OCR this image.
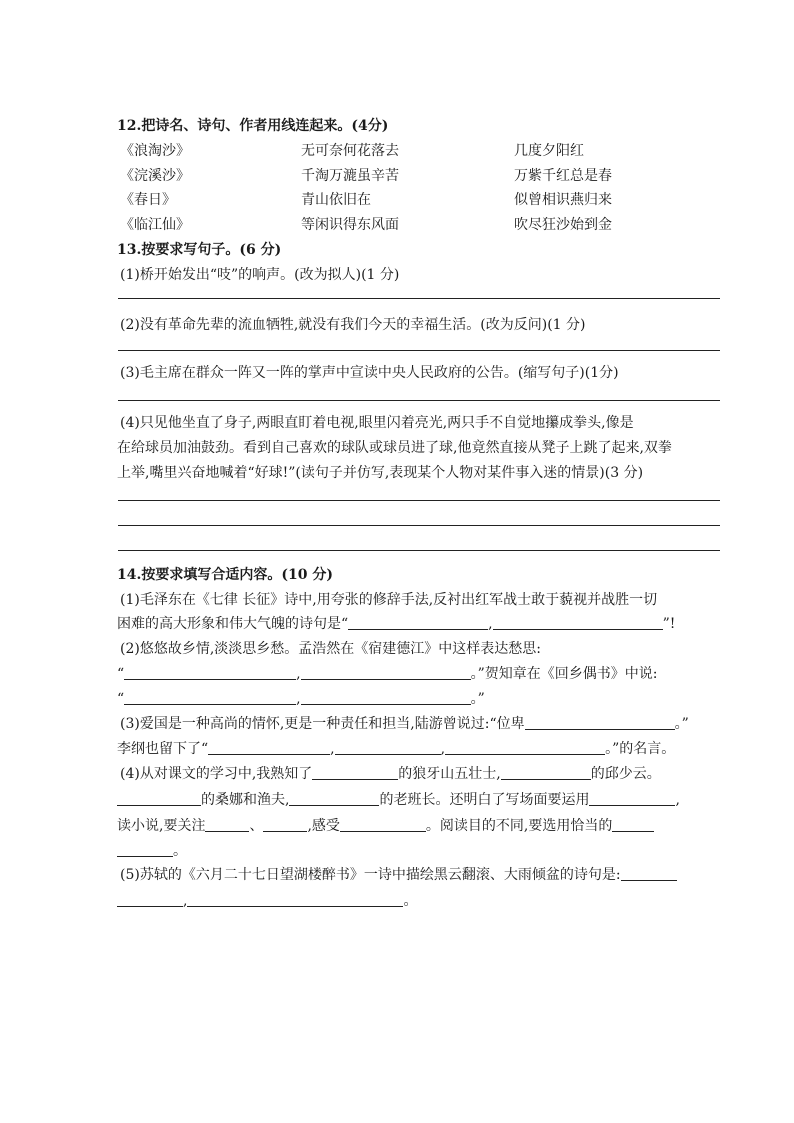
12.把诗名、诗句、作者用线连起来。(4分)
《浪淘沙》	无可奈何花落去	几度夕阳红
《浣溪沙》	千淘万漉虽辛苦	万紫千红总是春
《春日》	青山依旧在	似曾相识燕归来
《临江仙》	等闲识得东风面	吹尽狂沙始到金
13.按要求写句子。(6 分)
(1)桥开始发出“吱”的响声。(改为拟人)(1 分)
(2)没有革命先辈的流血牺牲,就没有我们今天的幸福生活。(改为反问)(1 分)
(3)毛主席在群众一阵又一阵的掌声中宣读中央人民政府的公告。(缩写句子)(1分)
(4)只见他坐直了身子,两眼直盯着电视,眼里闪着亮光,两只手不自觉地攥成拳头,像是
在给球员加油鼓劲。看到自己喜欢的球队或球员进了球,他竟然直接从凳子上跳了起来,双拳
上举,嘴里兴奋地喊着“好球!”(读句子并仿写,表现某个人物对某件事入迷的情景)(3 分)
14.按要求填写合适内容。(10 分)
(1)毛泽东在《七律 长征》诗中,用夸张的修辞手法,反衬出红军战士敢于藐视并战胜一切
困难的高大形象和伟大气魄的诗句是“	,	”!
(2)悠悠故乡情,淡淡思乡愁。孟浩然在《宿建德江》中这样表达愁思:
“	,	。”贺知章在《回乡偶书》中说:
“	,	。”
(3)爱国是一种高尚的情怀,更是一种责任和担当,陆游曾说过:“位卑	。”
李纲也留下了“	,	,	。”的名言。
(4)从对课文的学习中,我熟知了	的狼牙山五壮士,	的邱少云。
的桑娜和渔夫,	的老班长。还明白了写场面要运用	,
读小说,要关注	、	,感受	。阅读目的不同,要选用恰当的
。
(5)苏轼的《六月二十七日望湖楼醉书》一诗中描绘黑云翻滚、大雨倾盆的诗句是:
,	。
